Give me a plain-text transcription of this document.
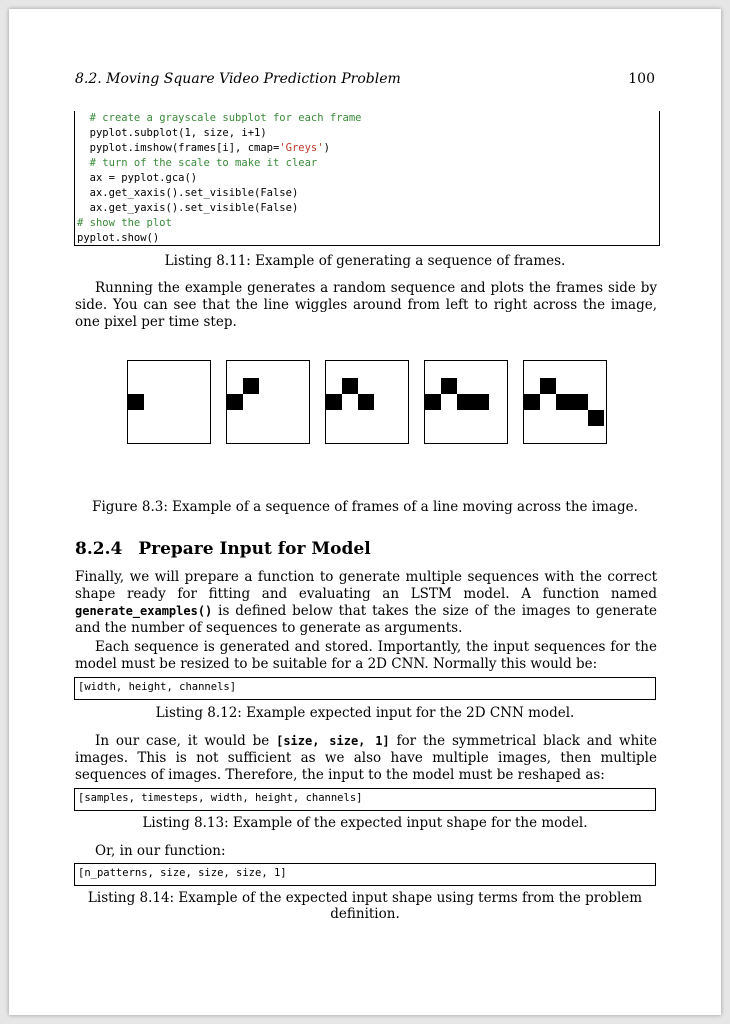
8.2. Moving Square Video Prediction Problem	100
# create a grayscale subplot for each frame
pyplot.subplot(1, size, i+1)
pyplot.imshow(frames[i], cmap='Greys')
# turn of the scale to make it clear
ax = pyplot.gca()
ax.get_xaxis().set_visible(False)
ax.get_yaxis().set_visible(False)
# show the plot
pyplot.show()
Listing 8.11: Example of generating a sequence of frames.
Running the example generates a random sequence and plots the frames side by side. You can see that the line wiggles around from left to right across the image, one pixel per time step.
Figure 8.3: Example of a sequence of frames of a line moving across the image.
8.2.4 Prepare Input for Model
Finally, we will prepare a function to generate multiple sequences with the correct shape ready for fitting and evaluating an LSTM model. A function named generate_examples() is defined below that takes the size of the images to generate and the number of sequences to generate as arguments.
Each sequence is generated and stored. Importantly, the input sequences for the model must be resized to be suitable for a 2D CNN. Normally this would be:
[width, height, channels]
Listing 8.12: Example expected input for the 2D CNN model.
In our case, it would be [size, size, 1] for the symmetrical black and white images. This is not sufficient as we also have multiple images, then multiple sequences of images. Therefore, the input to the model must be reshaped as:
[samples, timesteps, width, height, channels]
Listing 8.13: Example of the expected input shape for the model.
Or, in our function:
[n_patterns, size, size, size, 1]
Listing 8.14: Example of the expected input shape using terms from the problem definition.
